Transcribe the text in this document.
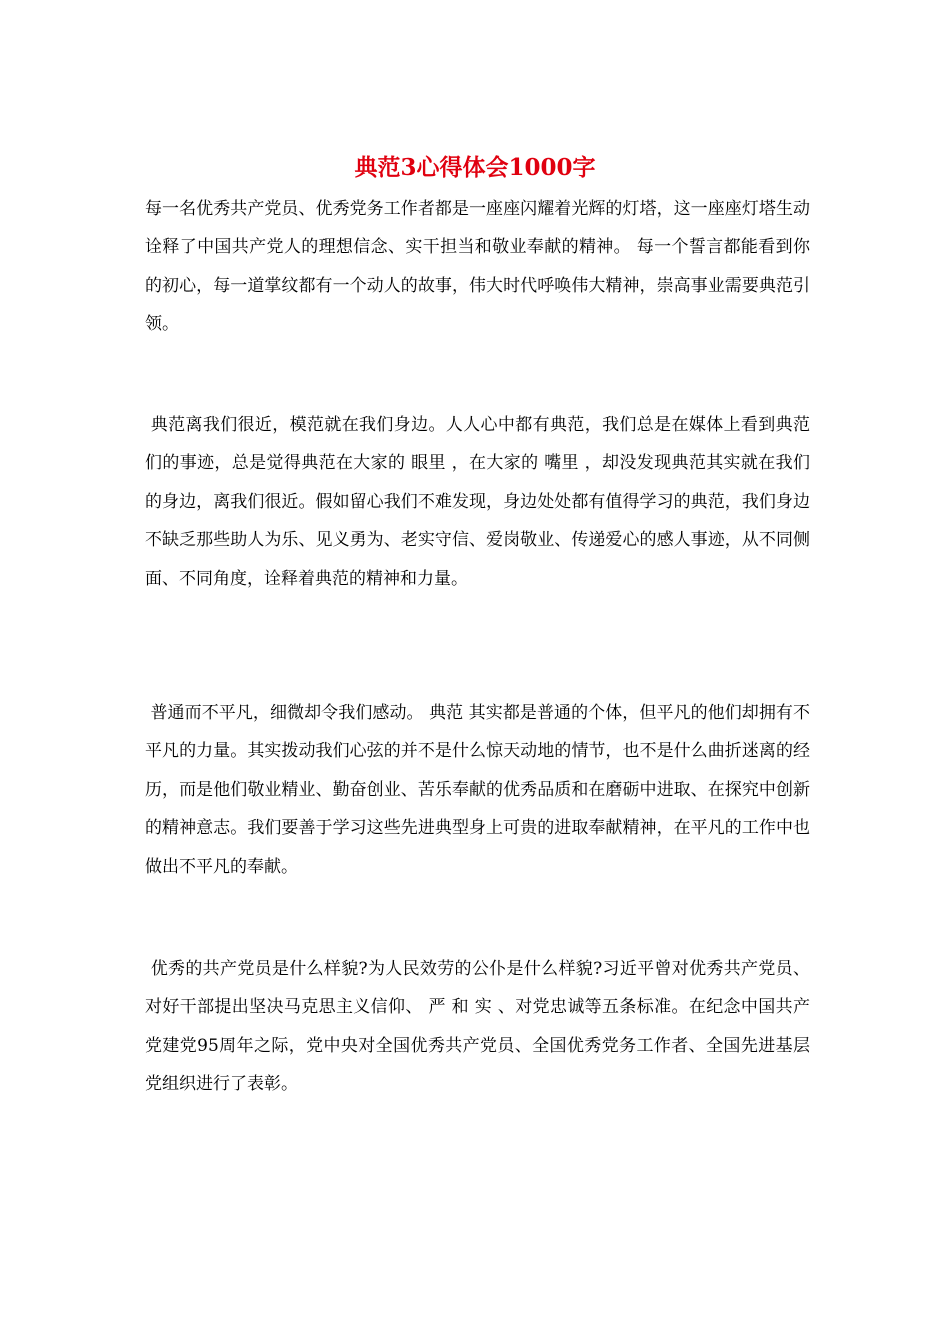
典范3心得体会1000字

每一名优秀共产党员、优秀党务工作者都是一座座闪耀着光辉的灯塔，这一座座灯塔生动诠释了中国共产党人的理想信念、实干担当和敬业奉献的精神。 每一个誓言都能看到你的初心，每一道掌纹都有一个动人的故事，伟大时代呼唤伟大精神，崇高事业需要典范引领。

典范离我们很近，模范就在我们身边。人人心中都有典范，我们总是在媒体上看到典范们的事迹，总是觉得典范在大家的 眼里 ，在大家的 嘴里 ，却没发现典范其实就在我们的身边，离我们很近。假如留心我们不难发现，身边处处都有值得学习的典范，我们身边不缺乏那些助人为乐、见义勇为、老实守信、爱岗敬业、传递爱心的感人事迹，从不同侧面、不同角度，诠释着典范的精神和力量。

普通而不平凡，细微却令我们感动。 典范 其实都是普通的个体，但平凡的他们却拥有不平凡的力量。其实拨动我们心弦的并不是什么惊天动地的情节，也不是什么曲折迷离的经历，而是他们敬业精业、勤奋创业、苦乐奉献的优秀品质和在磨砺中进取、在探究中创新的精神意志。我们要善于学习这些先进典型身上可贵的进取奉献精神，在平凡的工作中也做出不平凡的奉献。

优秀的共产党员是什么样貌?为人民效劳的公仆是什么样貌?习近平曾对优秀共产党员、对好干部提出坚决马克思主义信仰、 严 和 实 、对党忠诚等五条标准。在纪念中国共产党建党95周年之际，党中央对全国优秀共产党员、全国优秀党务工作者、全国先进基层党组织进行了表彰。
